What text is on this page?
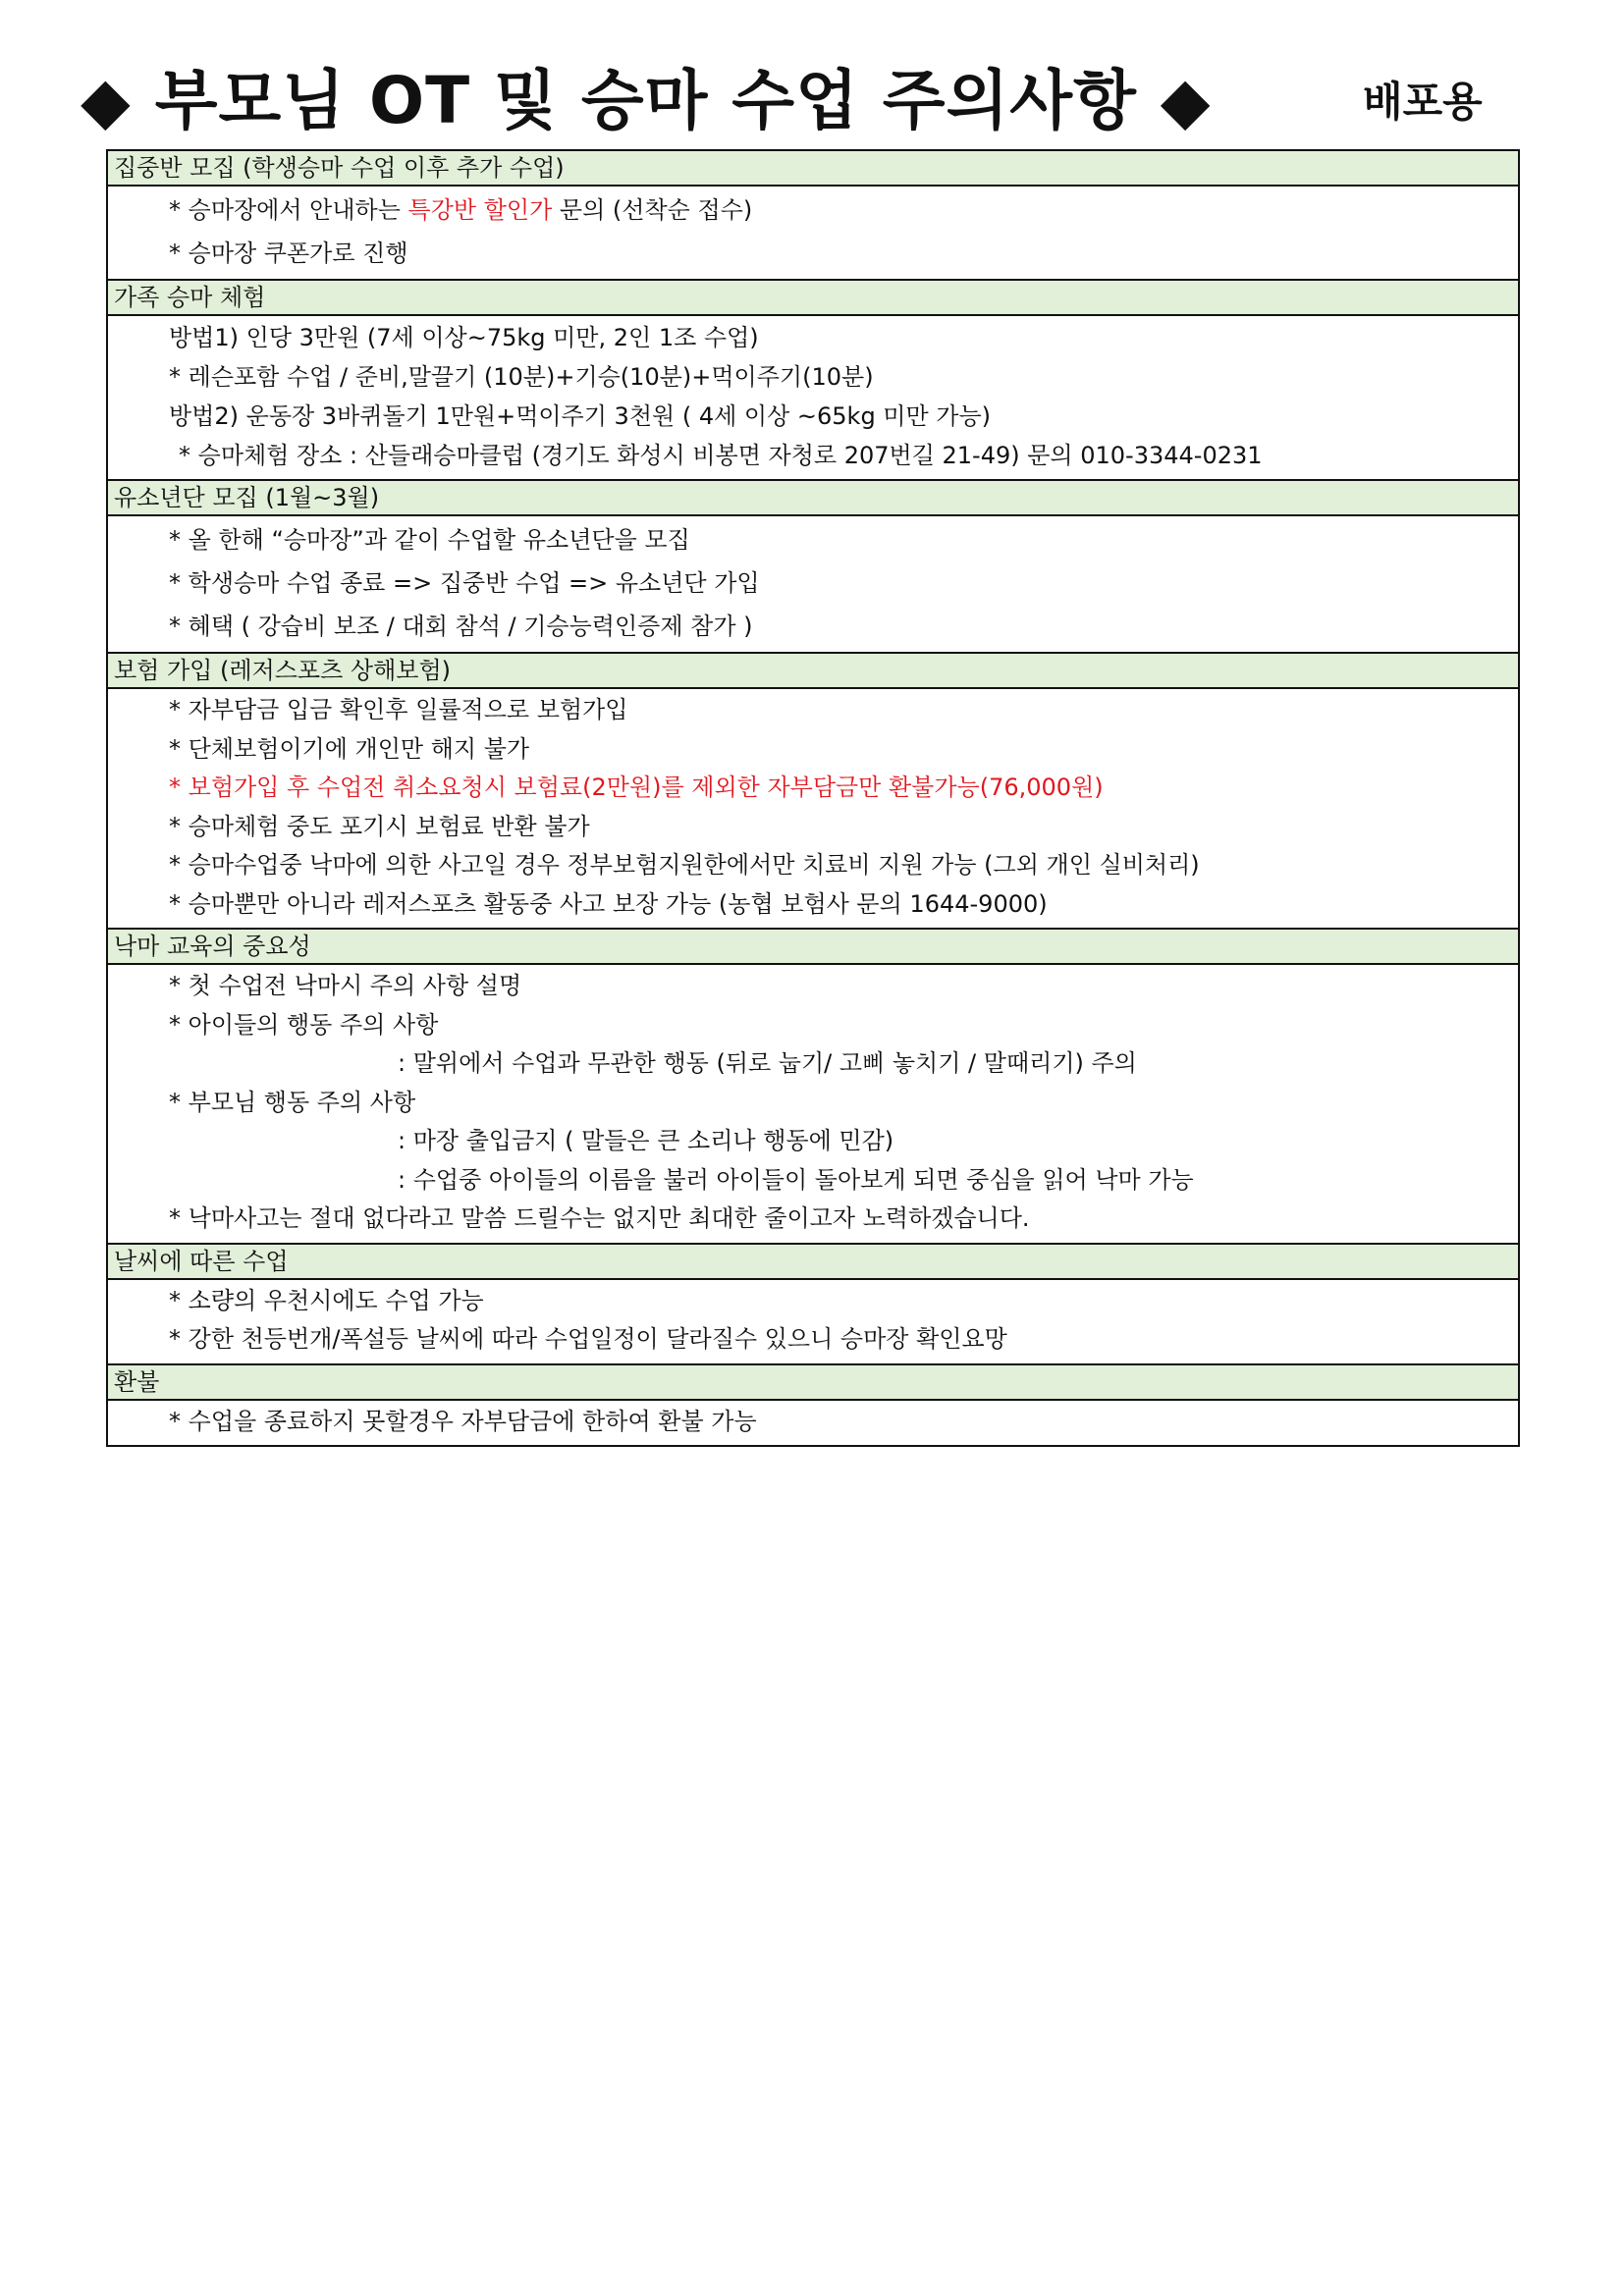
◆ 부모님 OT 및 승마 수업 주의사항 ◆	배포용
집중반 모집 (학생승마 수업 이후 추가 수업)
* 승마장에서 안내하는 특강반 할인가 문의 (선착순 접수)
* 승마장 쿠폰가로 진행
가족 승마 체험
방법1) 인당 3만원 (7세 이상~75kg 미만, 2인 1조 수업)
* 레슨포함 수업 / 준비,말끌기 (10분)+기승(10분)+먹이주기(10분)
방법2) 운동장 3바퀴돌기 1만원+먹이주기 3천원 ( 4세 이상 ~65kg 미만 가능)
* 승마체험 장소 : 산들래승마클럽 (경기도 화성시 비봉면 자청로 207번길 21-49) 문의 010-3344-0231
유소년단 모집 (1월~3월)
* 올 한해 “승마장”과 같이 수업할 유소년단을 모집
* 학생승마 수업 종료 => 집중반 수업 => 유소년단 가입
* 혜택 ( 강습비 보조 / 대회 참석 / 기승능력인증제 참가 )
보험 가입 (레저스포츠 상해보험)
* 자부담금 입금 확인후 일률적으로 보험가입
* 단체보험이기에 개인만 해지 불가
* 보험가입 후 수업전 취소요청시 보험료(2만원)를 제외한 자부담금만 환불가능(76,000원)
* 승마체험 중도 포기시 보험료 반환 불가
* 승마수업중 낙마에 의한 사고일 경우 정부보험지원한에서만 치료비 지원 가능 (그외 개인 실비처리)
* 승마뿐만 아니라 레저스포츠 활동중 사고 보장 가능 (농협 보험사 문의 1644-9000)
낙마 교육의 중요성
* 첫 수업전 낙마시 주의 사항 설명
* 아이들의 행동 주의 사항
: 말위에서 수업과 무관한 행동 (뒤로 눕기/ 고삐 놓치기 / 말때리기) 주의
* 부모님 행동 주의 사항
: 마장 출입금지 ( 말들은 큰 소리나 행동에 민감)
: 수업중 아이들의 이름을 불러 아이들이 돌아보게 되면 중심을 읽어 낙마 가능
* 낙마사고는 절대 없다라고 말씀 드릴수는 없지만 최대한 줄이고자 노력하겠습니다.
날씨에 따른 수업
* 소량의 우천시에도 수업 가능
* 강한 천등번개/폭설등 날씨에 따라 수업일정이 달라질수 있으니 승마장 확인요망
환불
* 수업을 종료하지 못할경우 자부담금에 한하여 환불 가능
